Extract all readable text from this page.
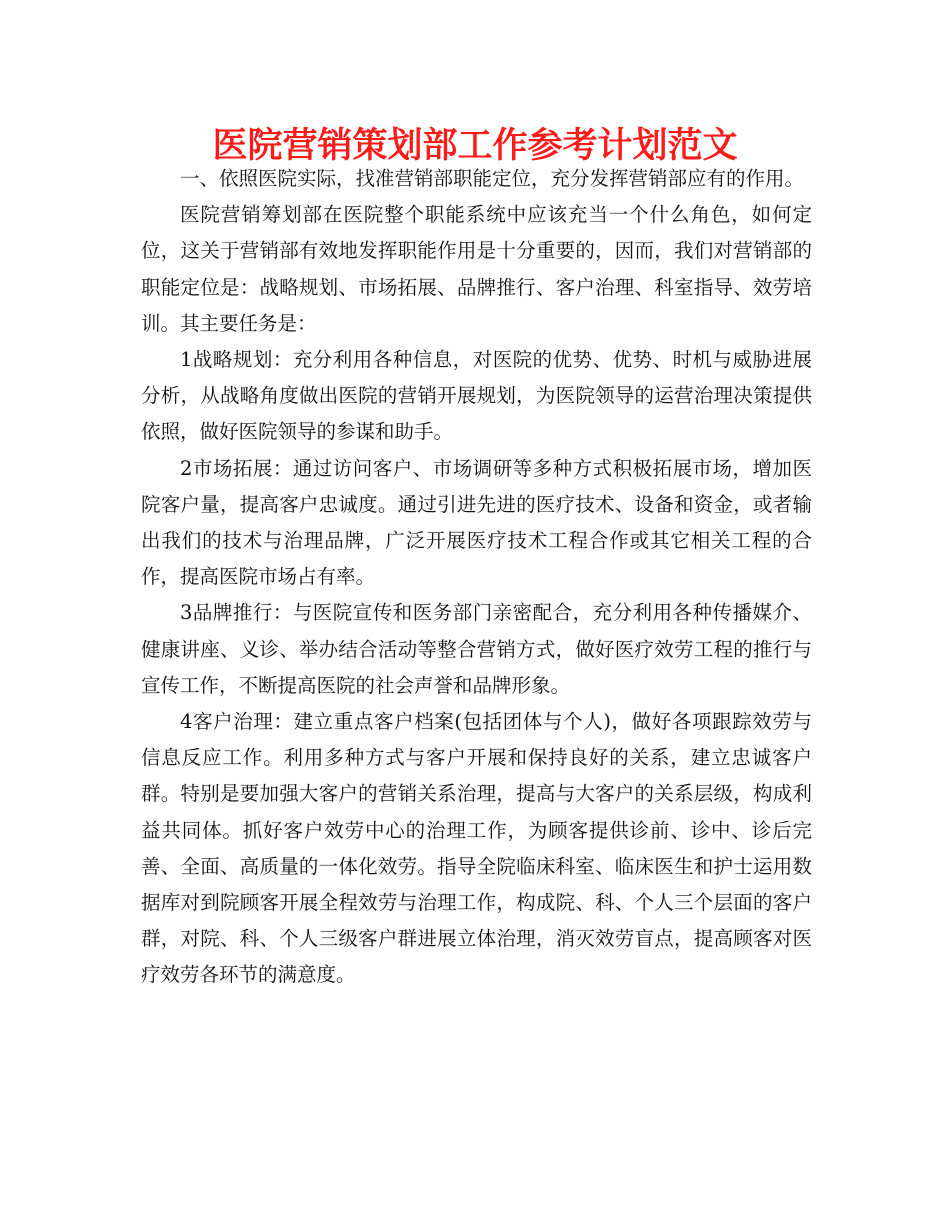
医院营销策划部工作参考计划范文

一、依照医院实际，找准营销部职能定位，充分发挥营销部应有的作用。

医院营销筹划部在医院整个职能系统中应该充当一个什么角色，如何定位，这关于营销部有效地发挥职能作用是十分重要的，因而，我们对营销部的职能定位是：战略规划、市场拓展、品牌推行、客户治理、科室指导、效劳培训。其主要任务是：

1战略规划：充分利用各种信息，对医院的优势、优势、时机与威胁进展分析，从战略角度做出医院的营销开展规划，为医院领导的运营治理决策提供依照，做好医院领导的参谋和助手。

2市场拓展：通过访问客户、市场调研等多种方式积极拓展市场，增加医院客户量，提高客户忠诚度。通过引进先进的医疗技术、设备和资金，或者输出我们的技术与治理品牌，广泛开展医疗技术工程合作或其它相关工程的合作，提高医院市场占有率。

3品牌推行：与医院宣传和医务部门亲密配合，充分利用各种传播媒介、健康讲座、义诊、举办结合活动等整合营销方式，做好医疗效劳工程的推行与宣传工作，不断提高医院的社会声誉和品牌形象。

4客户治理：建立重点客户档案(包括团体与个人)，做好各项跟踪效劳与信息反应工作。利用多种方式与客户开展和保持良好的关系，建立忠诚客户群。特别是要加强大客户的营销关系治理，提高与大客户的关系层级，构成利益共同体。抓好客户效劳中心的治理工作，为顾客提供诊前、诊中、诊后完善、全面、高质量的一体化效劳。指导全院临床科室、临床医生和护士运用数据库对到院顾客开展全程效劳与治理工作，构成院、科、个人三个层面的客户群，对院、科、个人三级客户群进展立体治理，消灭效劳盲点，提高顾客对医疗效劳各环节的满意度。
